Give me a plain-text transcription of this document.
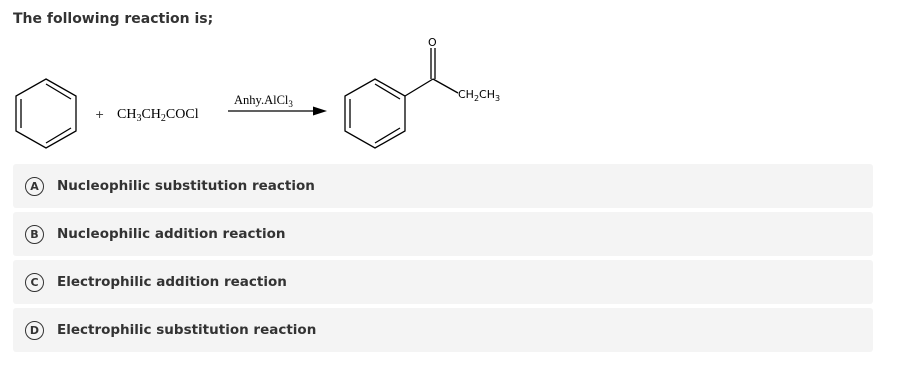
The following reaction is;
+ $CH_3CH_2COCl$
Anhy.AlCl$_3$
O
$CH_2CH_3$
A	Nucleophilic substitution reaction
B	Nucleophilic addition reaction
C	Electrophilic addition reaction
D	Electrophilic substitution reaction
